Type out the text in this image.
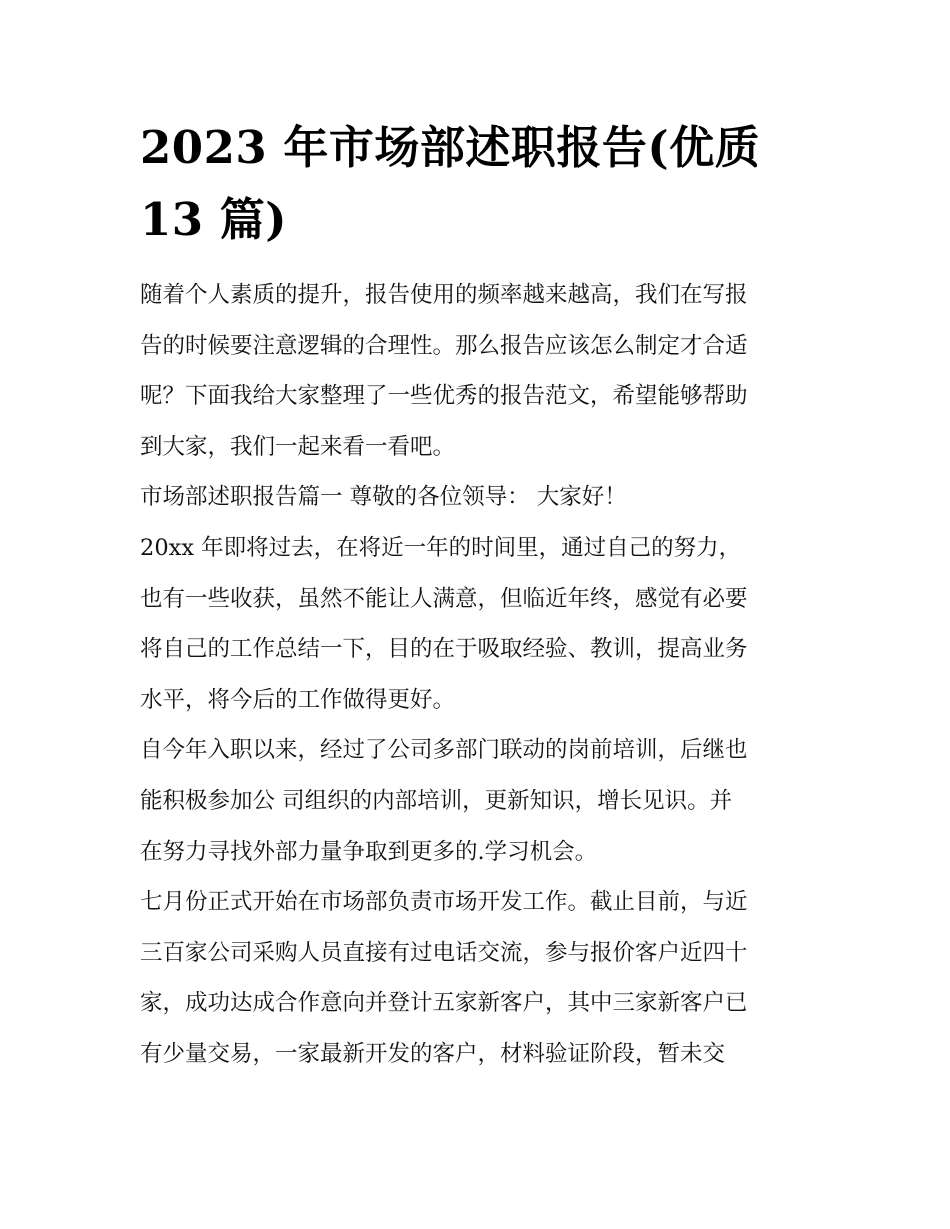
2023 年市场部述职报告(优质
13 篇)

随着个人素质的提升，报告使用的频率越来越高，我们在写报
告的时候要注意逻辑的合理性。那么报告应该怎么制定才合适
呢？下面我给大家整理了一些优秀的报告范文，希望能够帮助
到大家，我们一起来看一看吧。

市场部述职报告篇一 尊敬的各位领导： 大家好！

20xx 年即将过去，在将近一年的时间里，通过自己的努力，
也有一些收获，虽然不能让人满意，但临近年终，感觉有必要
将自己的工作总结一下，目的在于吸取经验、教训，提高业务
水平，将今后的工作做得更好。

自今年入职以来，经过了公司多部门联动的岗前培训，后继也
能积极参加公 司组织的内部培训，更新知识，增长见识。并
在努力寻找外部力量争取到更多的.学习机会。

七月份正式开始在市场部负责市场开发工作。截止目前，与近
三百家公司采购人员直接有过电话交流，参与报价客户近四十
家，成功达成合作意向并登计五家新客户，其中三家新客户已
有少量交易，一家最新开发的客户，材料验证阶段，暂未交
